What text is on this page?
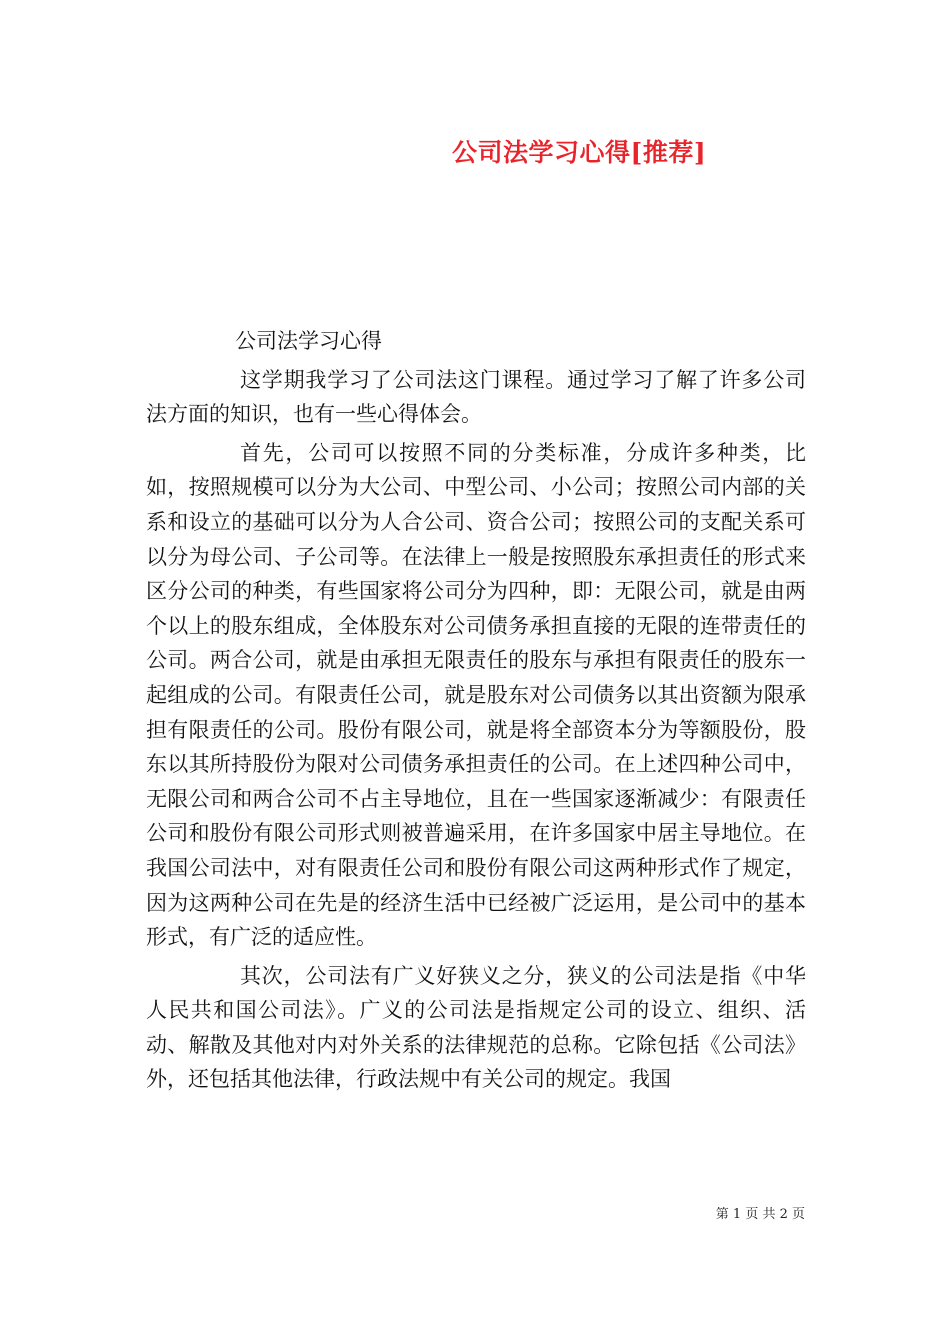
公司法学习心得[推荐]

公司法学习心得

这学期我学习了公司法这门课程。通过学习了解了许多公司法方面的知识，也有一些心得体会。

首先，公司可以按照不同的分类标准，分成许多种类，比如，按照规模可以分为大公司、中型公司、小公司；按照公司内部的关系和设立的基础可以分为人合公司、资合公司；按照公司的支配关系可以分为母公司、子公司等。在法律上一般是按照股东承担责任的形式来区分公司的种类，有些国家将公司分为四种，即：无限公司，就是由两个以上的股东组成，全体股东对公司债务承担直接的无限的连带责任的公司。两合公司，就是由承担无限责任的股东与承担有限责任的股东一起组成的公司。有限责任公司，就是股东对公司债务以其出资额为限承担有限责任的公司。股份有限公司，就是将全部资本分为等额股份，股东以其所持股份为限对公司债务承担责任的公司。在上述四种公司中，无限公司和两合公司不占主导地位，且在一些国家逐渐减少：有限责任公司和股份有限公司形式则被普遍采用，在许多国家中居主导地位。在我国公司法中，对有限责任公司和股份有限公司这两种形式作了规定，因为这两种公司在先是的经济生活中已经被广泛运用，是公司中的基本形式，有广泛的适应性。

其次，公司法有广义好狭义之分，狭义的公司法是指《中华人民共和国公司法》。广义的公司法是指规定公司的设立、组织、活动、解散及其他对内对外关系的法律规范的总称。它除包括《公司法》外，还包括其他法律，行政法规中有关公司的规定。我国

第 1 页 共 2 页
